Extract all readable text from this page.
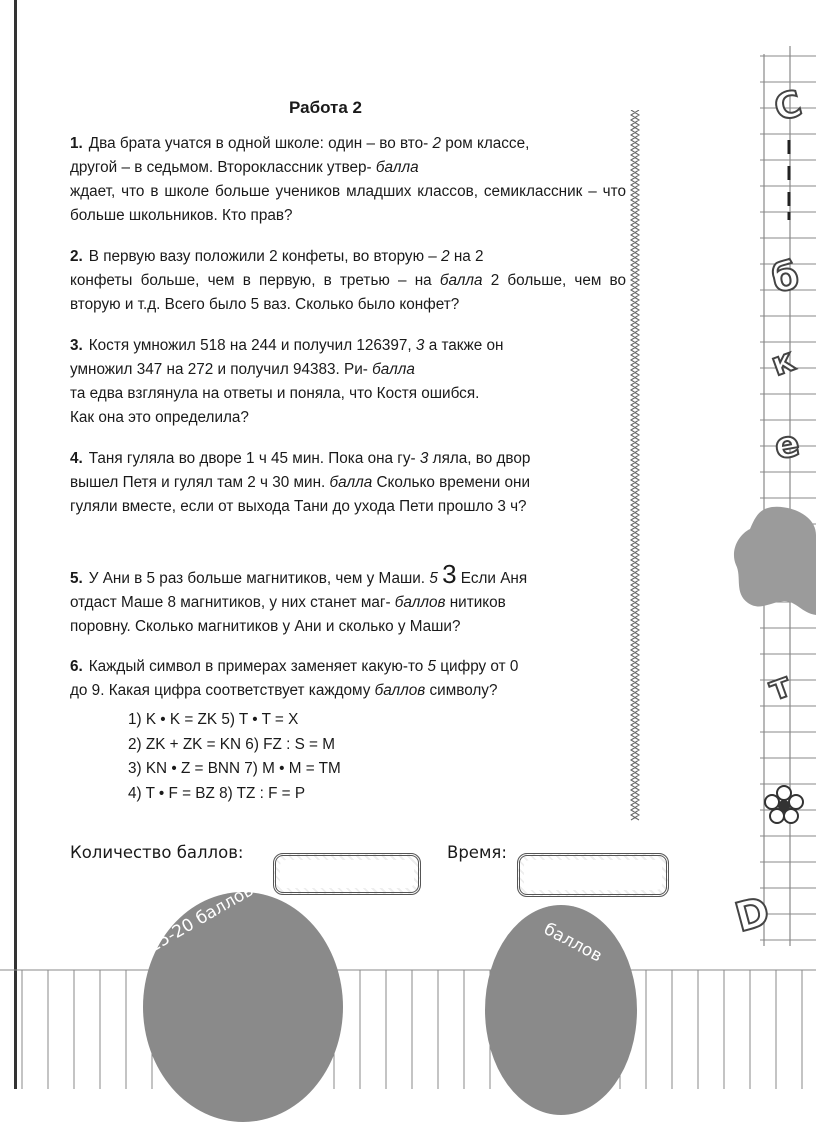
Работа 2
1. Два брата учатся в одной школе: один – во вто- 2 ром классе,
другой – в седьмом. Второклассник утвер- балла
ждает, что в школе больше учеников младших классов, семиклассник – что больше школьников. Кто прав?
2. В первую вазу положили 2 конфеты, во вторую – 2 на 2
конфеты больше, чем в первую, в третью – на балла 2 больше, чем во вторую и т.д. Всего было 5 ваз. Сколько было конфет?
3. Костя умножил 518 на 244 и получил 126397, 3 а также он
умножил 347 на 272 и получил 94383. Ри- балла
та едва взглянула на ответы и поняла, что Костя ошибся.
Как она это определила?
4. Таня гуляла во дворе 1 ч 45 мин. Пока она гу- 3 ляла, во двор
вышел Петя и гулял там 2 ч 30 мин. балла Сколько времени они
гуляли вместе, если от выхода Тани до ухода Пети прошло 3 ч?
5. У Ани в 5 раз больше магнитиков, чем у Маши. 5 3 Если Аня
отдаст Маше 8 магнитиков, у них станет маг- баллов нитиков
поровну. Сколько магнитиков у Ани и сколько у Маши?
6. Каждый символ в примерах заменяет какую-то 5 цифру от 0
до 9. Какая цифра соответствует каждому баллов символу?
1) K • K = ZK 5) T • T = X
2) ZK + ZK = KN 6) FZ : S = M
3) KN • Z = BNN 7) M • M = TM
4) T • F = BZ 8) TZ : F = P
С
б
к
е
т
D
Количество баллов:	Время:
15-20 баллов	баллов
